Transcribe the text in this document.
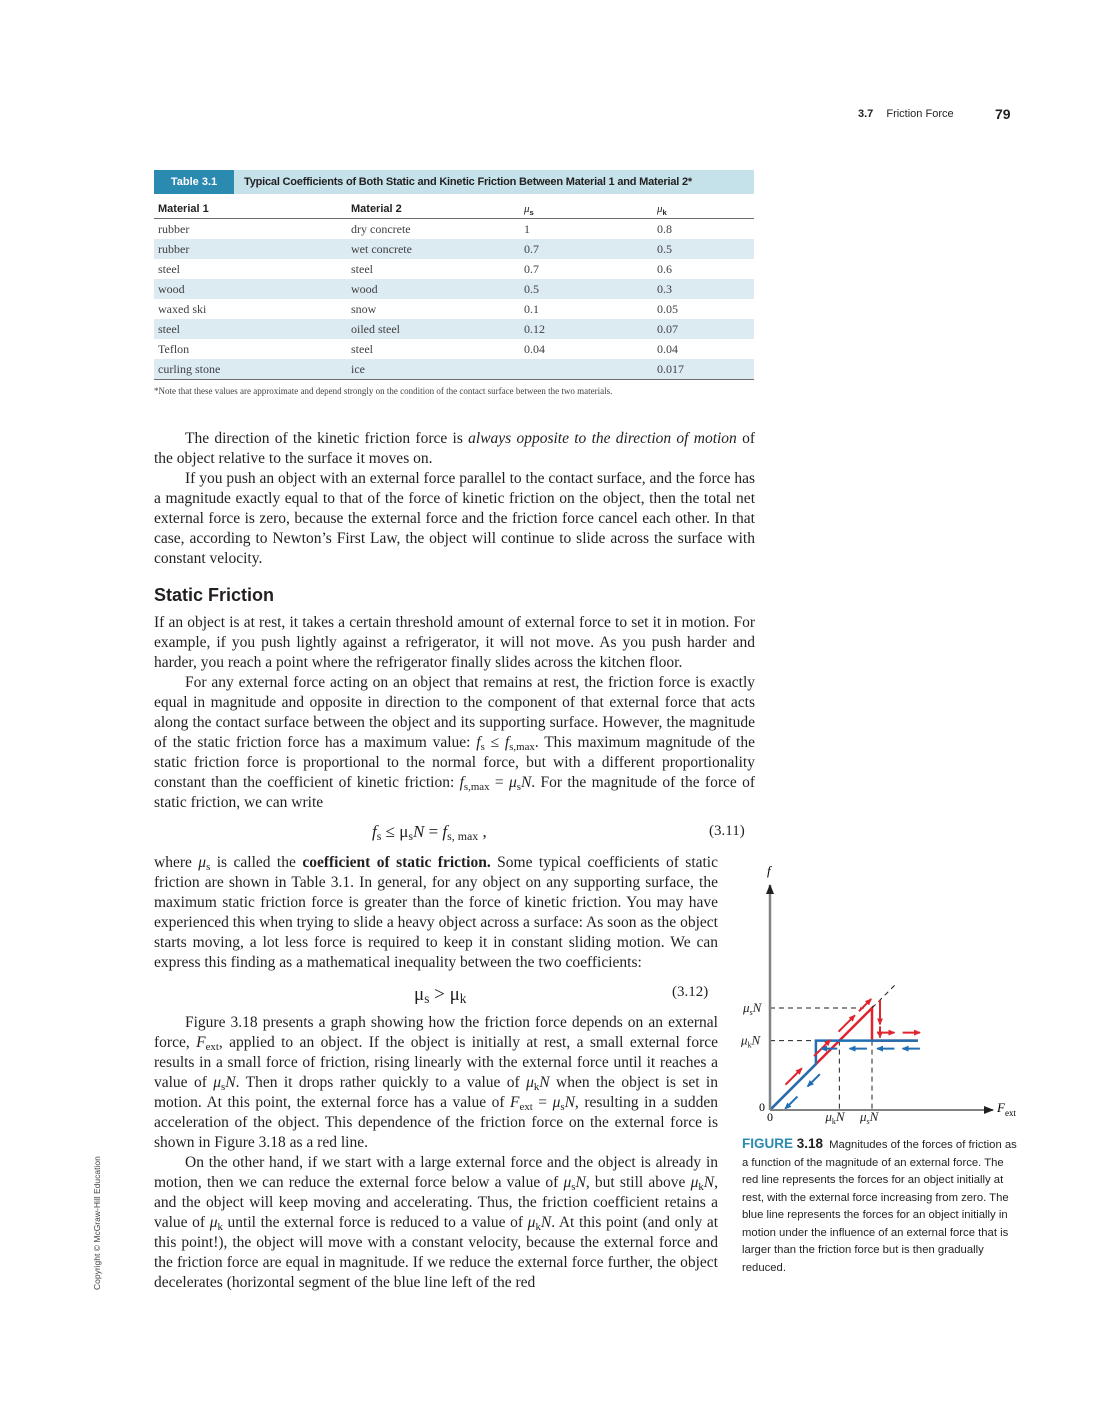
3.7 Friction Force	79
Table 3.1	Typical Coefficients of Both Static and Kinetic Friction Between Material 1 and Material 2*
Material 1	Material 2	$\mu_s$	$\mu_k$
rubber	dry concrete	1	0.8
rubber	wet concrete	0.7	0.5
steel	steel	0.7	0.6
wood	wood	0.5	0.3
waxed ski	snow	0.1	0.05
steel	oiled steel	0.12	0.07
Teflon	steel	0.04	0.04
curling stone	ice		0.017
*Note that these values are approximate and depend strongly on the condition of the contact surface between the two materials.

The direction of the kinetic friction force is always opposite to the direction of motion of the object relative to the surface it moves on.

If you push an object with an external force parallel to the contact surface, and the force has a magnitude exactly equal to that of the force of kinetic friction on the object, then the total net external force is zero, because the external force and the friction force cancel each other. In that case, according to Newton’s First Law, the object will continue to slide across the surface with constant velocity.

Static Friction

If an object is at rest, it takes a certain threshold amount of external force to set it in motion. For example, if you push lightly against a refrigerator, it will not move. As you push harder and harder, you reach a point where the refrigerator finally slides across the kitchen floor.

For any external force acting on an object that remains at rest, the friction force is exactly equal in magnitude and opposite in direction to the component of that external force that acts along the contact surface between the object and its supporting surface. However, the magnitude of the static friction force has a maximum value: $f_s \le f_{s,max}$. This maximum magnitude of the static friction force is proportional to the normal force, but with a different proportionality constant than the coefficient of kinetic friction: $f_{s,max} = \mu_sN$. For the magnitude of the force of static friction, we can write

$f_s \le \mu_sN = f_{s, max}$ ,	(3.11)

where $\mu_s$ is called the coefficient of static friction. Some typical coefficients of static friction are shown in Table 3.1. In general, for any object on any supporting surface, the maximum static friction force is greater than the force of kinetic friction. You may have experienced this when trying to slide a heavy object across a surface: As soon as the object starts moving, a lot less force is required to keep it in constant sliding motion. We can express this finding as a mathematical inequality between the two coefficients:

$\mu_s > \mu_k$	(3.12)

Figure 3.18 presents a graph showing how the friction force depends on an external force, $F_{ext}$, applied to an object. If the object is initially at rest, a small external force results in a small force of friction, rising linearly with the external force until it reaches a value of $\mu_sN$. Then it drops rather quickly to a value of $\mu_kN$ when the object is set in motion. At this point, the external force has a value of $F_{ext} = \mu_sN$, resulting in a sudden acceleration of the object. This dependence of the friction force on the external force is shown in Figure 3.18 as a red line.

On the other hand, if we start with a large external force and the object is already in motion, then we can reduce the external force below a value of $\mu_sN$, but still above $\mu_kN$, and the object will keep moving and accelerating. Thus, the friction coefficient retains a value of $\mu_k$ until the external force is reduced to a value of $\mu_kN$. At this point (and only at this point!), the object will move with a constant velocity, because the external force and the friction force are equal in magnitude. If we reduce the external force further, the object decelerates (horizontal segment of the blue line left of the red

$\mu_sN$
$\mu_kN$
$\mu_kN$ $\mu_sN$
f
F ext
0
0
FIGURE 3.18 Magnitudes of the forces of friction as a function of the magnitude of an external force. The red line represents the forces for an object initially at rest, with the external force increasing from zero. The blue line represents the forces for an object initially in motion under the influence of an external force that is larger than the friction force but is then gradually reduced.
Copyright © McGraw-Hill Education
